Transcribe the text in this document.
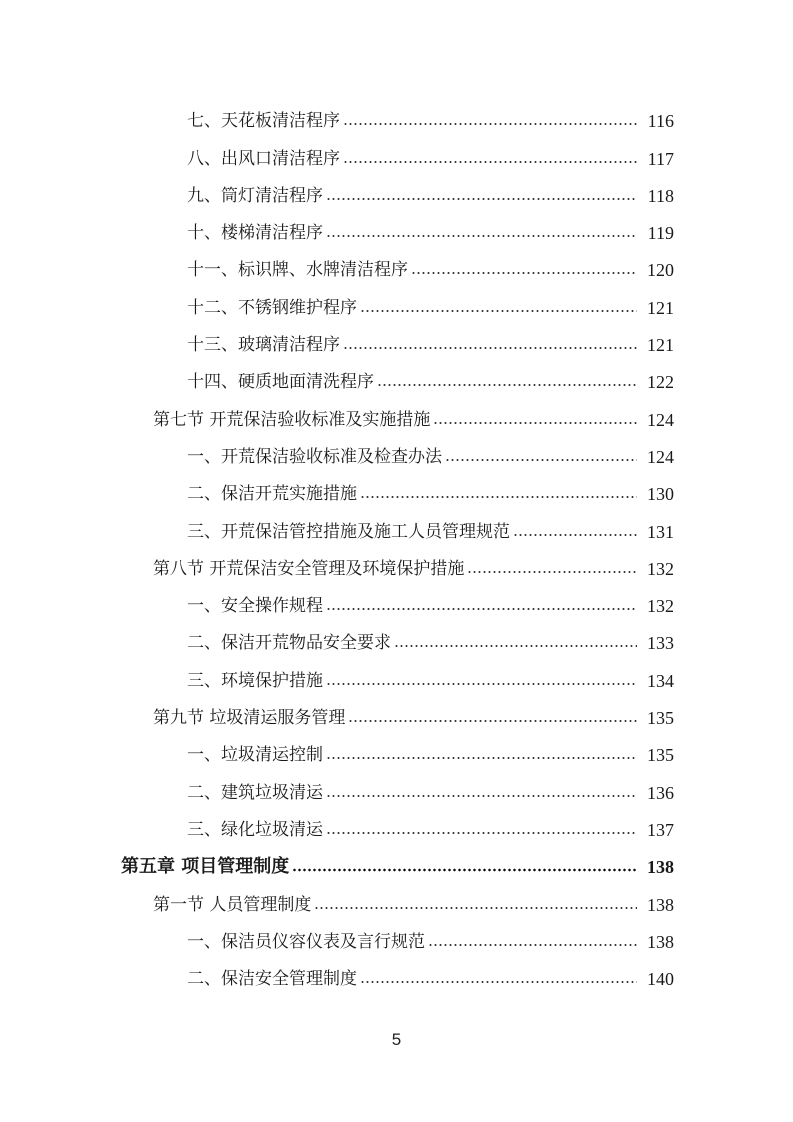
七、天花板清洁程序	116
八、出风口清洁程序	117
九、筒灯清洁程序	118
十、楼梯清洁程序	119
十一、标识牌、水牌清洁程序	120
十二、不锈钢维护程序	121
十三、玻璃清洁程序	121
十四、硬质地面清洗程序	122
第七节 开荒保洁验收标准及实施措施	124
一、开荒保洁验收标准及检查办法	124
二、保洁开荒实施措施	130
三、开荒保洁管控措施及施工人员管理规范	131
第八节 开荒保洁安全管理及环境保护措施	132
一、安全操作规程	132
二、保洁开荒物品安全要求	133
三、环境保护措施	134
第九节 垃圾清运服务管理	135
一、垃圾清运控制	135
二、建筑垃圾清运	136
三、绿化垃圾清运	137
第五章 项目管理制度	138
第一节 人员管理制度	138
一、保洁员仪容仪表及言行规范	138
二、保洁安全管理制度	140
5
